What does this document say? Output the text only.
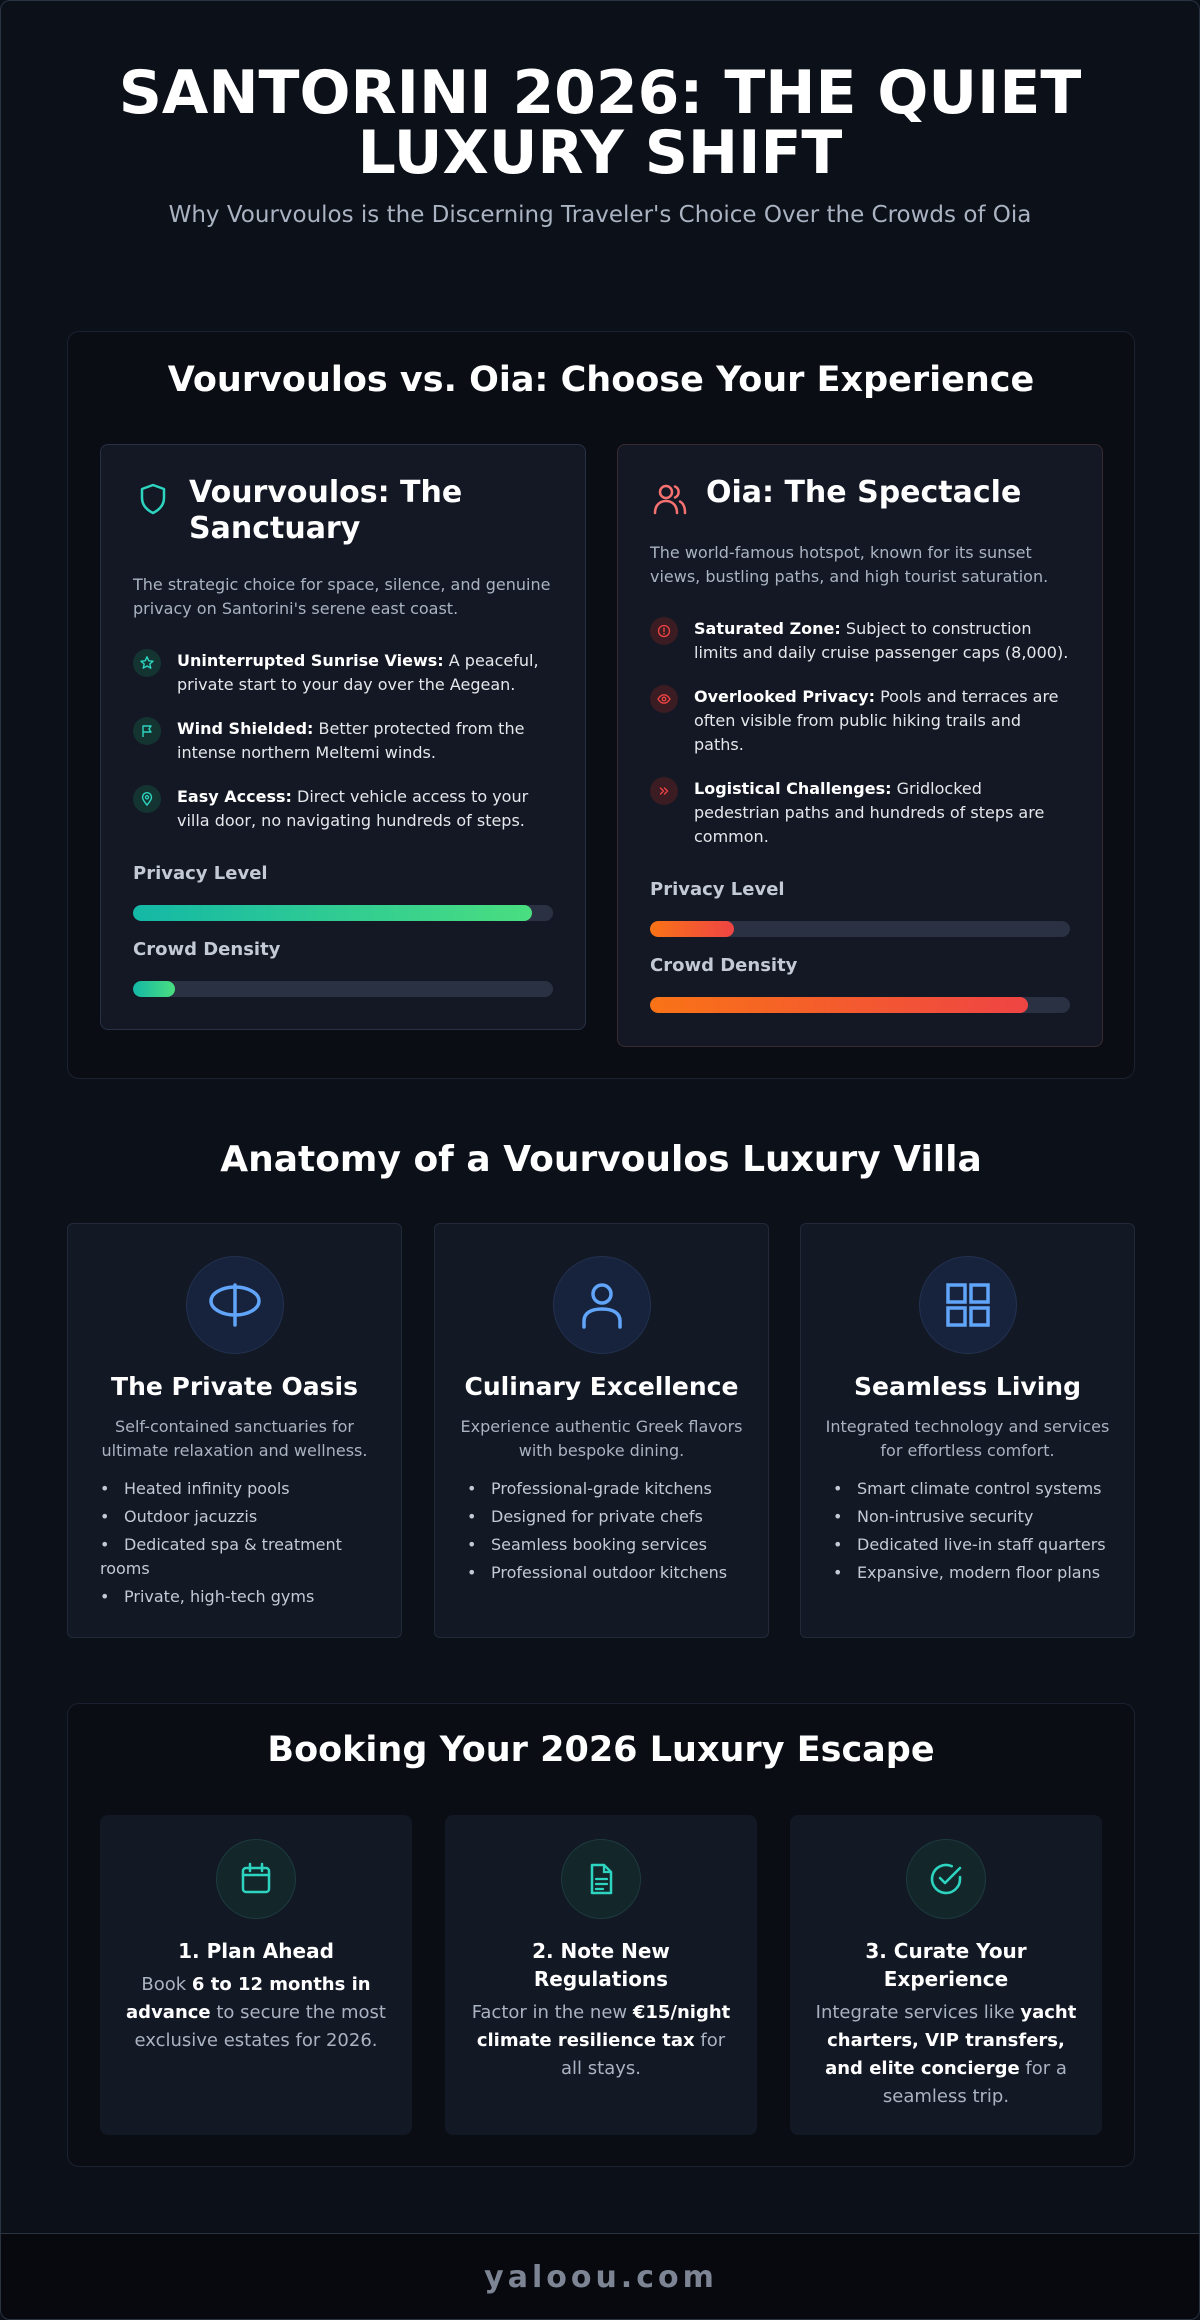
SANTORINI 2026: THE QUIET LUXURY SHIFT

Why Vourvoulos is the Discerning Traveler's Choice Over the Crowds of Oia

Vourvoulos vs. Oia: Choose Your Experience
Vourvoulos: The Sanctuary
The strategic choice for space, silence, and genuine privacy on Santorini's serene east coast.
Uninterrupted Sunrise Views: A peaceful, private start to your day over the Aegean.
Wind Shielded: Better protected from the intense northern Meltemi winds.
Easy Access: Direct vehicle access to your villa door, no navigating hundreds of steps.
Privacy Level
Crowd Density
Oia: The Spectacle
The world-famous hotspot, known for its sunset views, bustling paths, and high tourist saturation.
Saturated Zone: Subject to construction limits and daily cruise passenger caps (8,000).
Overlooked Privacy: Pools and terraces are often visible from public hiking trails and paths.
Logistical Challenges: Gridlocked pedestrian paths and hundreds of steps are common.
Privacy Level
Crowd Density
Anatomy of a Vourvoulos Luxury Villa
The Private Oasis
Self-contained sanctuaries for ultimate relaxation and wellness.
• Heated infinity pools
• Outdoor jacuzzis
• Dedicated spa & treatment rooms
• Private, high-tech gyms
Culinary Excellence
Experience authentic Greek flavors with bespoke dining.
• Professional-grade kitchens
• Designed for private chefs
• Seamless booking services
• Professional outdoor kitchens
Seamless Living
Integrated technology and services for effortless comfort.
• Smart climate control systems
• Non-intrusive security
• Dedicated live-in staff quarters
• Expansive, modern floor plans
Booking Your 2026 Luxury Escape
1. Plan Ahead
Book 6 to 12 months in advance to secure the most exclusive estates for 2026.
2. Note New Regulations
Factor in the new €15/night climate resilience tax for all stays.
3. Curate Your Experience
Integrate services like yacht charters, VIP transfers, and elite concierge for a seamless trip.
yaloou.com
